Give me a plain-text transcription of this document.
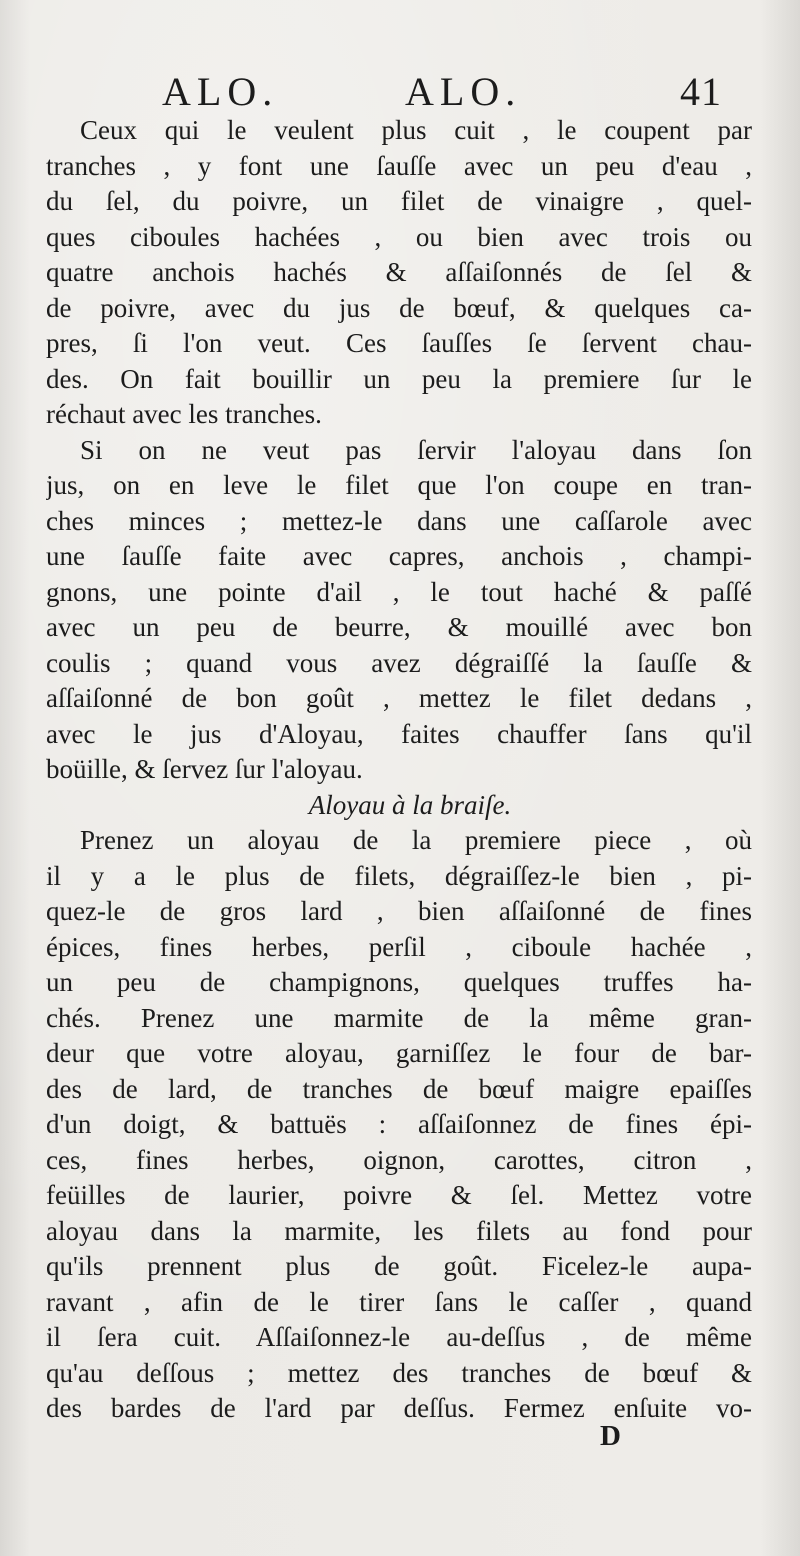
ALO.	ALO.	41
Ceux qui le veulent plus cuit , le coupent par
tranches , y font une ſauſſe avec un peu d'eau ,
du ſel, du poivre, un filet de vinaigre , quel-
ques ciboules hachées , ou bien avec trois ou
quatre anchois hachés & aſſaiſonnés de ſel &
de poivre, avec du jus de bœuf, & quelques ca-
pres, ſi l'on veut. Ces ſauſſes ſe ſervent chau-
des. On fait bouillir un peu la premiere ſur le
réchaut avec les tranches.
Si on ne veut pas ſervir l'aloyau dans ſon
jus, on en leve le filet que l'on coupe en tran-
ches minces ; mettez-le dans une caſſarole avec
une ſauſſe faite avec capres, anchois , champi-
gnons, une pointe d'ail , le tout haché & paſſé
avec un peu de beurre, & mouillé avec bon
coulis ; quand vous avez dégraiſſé la ſauſſe &
aſſaiſonné de bon goût , mettez le filet dedans ,
avec le jus d'Aloyau, faites chauffer ſans qu'il
boüille, & ſervez ſur l'aloyau.
Aloyau à la braiſe.
Prenez un aloyau de la premiere piece , où
il y a le plus de filets, dégraiſſez-le bien , pi-
quez-le de gros lard , bien aſſaiſonné de fines
épices, fines herbes, perſil , ciboule hachée ,
un peu de champignons, quelques truffes ha-
chés. Prenez une marmite de la même gran-
deur que votre aloyau, garniſſez le four de bar-
des de lard, de tranches de bœuf maigre epaiſſes
d'un doigt, & battuës : aſſaiſonnez de fines épi-
ces, fines herbes, oignon, carottes, citron ,
feüilles de laurier, poivre & ſel. Mettez votre
aloyau dans la marmite, les filets au fond pour
qu'ils prennent plus de goût. Ficelez-le aupa-
ravant , afin de le tirer ſans le caſſer , quand
il ſera cuit. Aſſaiſonnez-le au-deſſus , de même
qu'au deſſous ; mettez des tranches de bœuf &
des bardes de l'ard par deſſus. Fermez enſuite vo-
D
